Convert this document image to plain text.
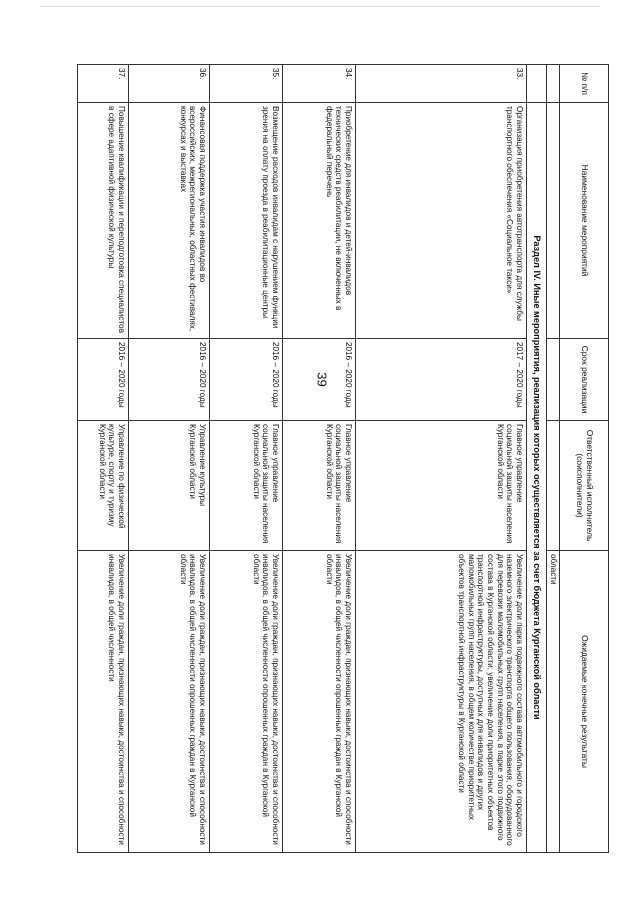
39
№ п/п	Наименование мероприятий	Срок реализации	Ответственный исполнитель (соисполнители)	Ожидаемые конечные результаты
				области
	Раздел IV. Иные мероприятия, реализация которых осуществляется за счет бюджета Курганской области			
33.	Организация приобретения автотранспорта для службы транспортного обеспечения «Социальное такси»	2017 – 2020 годы	Главное управление социальной защиты населения Курганской области	Увеличение доли парка подвижного состава автомобильного и городского наземного электрического транспорта общего пользования, оборудованного для перевозки маломобильных групп населения, в парке этого подвижного состава в Курганской области; увеличение доли приоритетных объектов транспортной инфраструктуры, доступных для инвалидов и других маломобильных групп населения, в общем количестве приоритетных объектов транспортной инфраструктуры в Курганской области
34.	Приобретение для инвалидов и детей-инвалидов технических средств реабилитации, не включенных в федеральный перечень	2016 – 2020 годы	Главное управление социальной защиты населения Курганской области	Увеличение доли граждан, признающих навыки, достоинства и способности инвалидов, в общей численности опрошенных граждан в Курганской области
35.	Возмещение расходов инвалидам с нарушением функции зрения на оплату проезда в реабилитационные центры	2016 – 2020 годы	Главное управление социальной защиты населения Курганской области	Увеличение доли граждан, признающих навыки, достоинства и способности инвалидов, в общей численности опрошенных граждан в Курганской области
36.	Финансовая поддержка участия инвалидов во всероссийских, межрегиональных, областных фестивалях, конкурсах и выставках	2016 – 2020 годы	Управление культуры Курганской области	Увеличение доли граждан, признающих навыки, достоинства и способности инвалидов, в общей численности опрошенных граждан в Курганской области
37.	Повышение квалификации и переподготовка специалистов в сфере адаптивной физической культуры	2016 – 2020 годы	Управление по физической культуре, спорту и туризму Курганской области	Увеличение доли граждан, признающих навыки, достоинства и способности инвалидов, в общей численности
